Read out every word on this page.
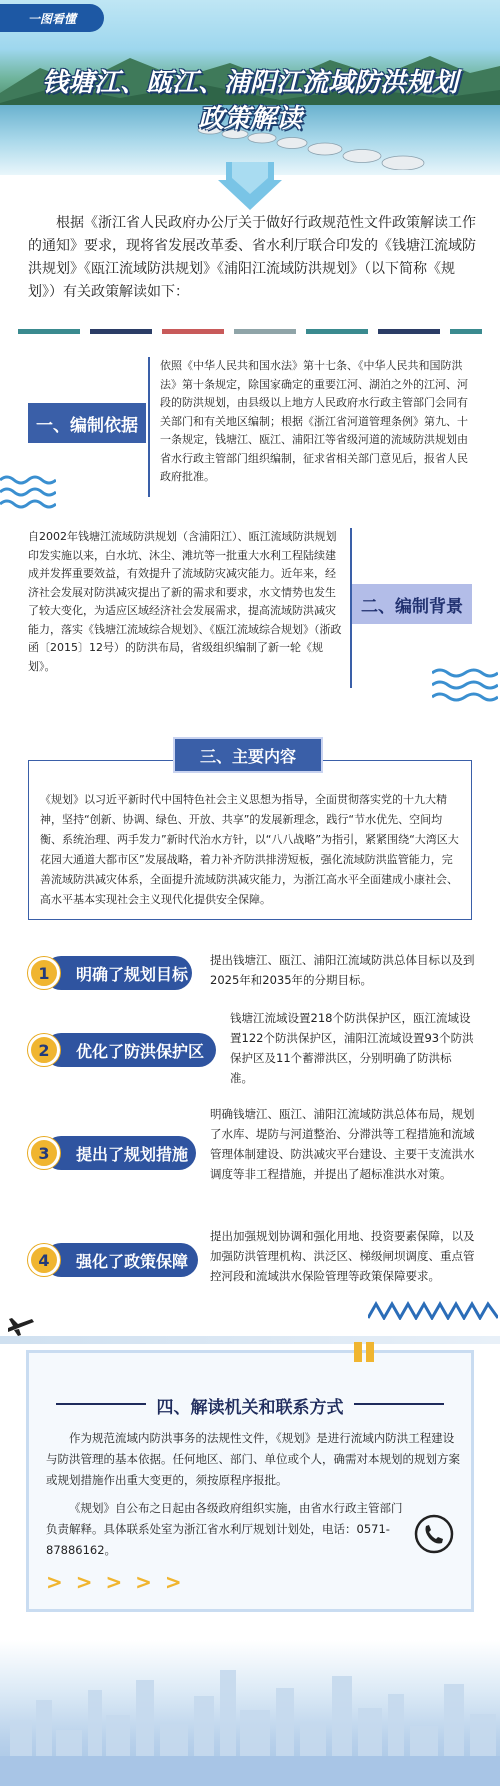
一图看懂
钱塘江、瓯江、浦阳江流域防洪规划
政策解读
根据《浙江省人民政府办公厅关于做好行政规范性文件政策解读工作的通知》要求，现将省发展改革委、省水利厅联合印发的《钱塘江流域防洪规划》《瓯江流域防洪规划》《浦阳江流域防洪规划》（以下简称《规划》）有关政策解读如下：
一、编制依据
依照《中华人民共和国水法》第十七条、《中华人民共和国防洪法》第十条规定，除国家确定的重要江河、湖泊之外的江河、河段的防洪规划，由县级以上地方人民政府水行政主管部门会同有关部门和有关地区编制；根据《浙江省河道管理条例》第九、十一条规定，钱塘江、瓯江、浦阳江等省级河道的流域防洪规划由省水行政主管部门组织编制，征求省相关部门意见后，报省人民政府批准。
自2002年钱塘江流域防洪规划（含浦阳江）、瓯江流域防洪规划印发实施以来，白水坑、沐尘、滩坑等一批重大水利工程陆续建成并发挥重要效益，有效提升了流域防灾减灾能力。近年来，经济社会发展对防洪减灾提出了新的需求和要求，水文情势也发生了较大变化，为适应区域经济社会发展需求，提高流域防洪减灾能力，落实《钱塘江流域综合规划》、《瓯江流域综合规划》（浙政函〔2015〕12号）的防洪布局，省级组织编制了新一轮《规划》。
二、编制背景
三、主要内容
《规划》以习近平新时代中国特色社会主义思想为指导，全面贯彻落实党的十九大精神，坚持“创新、协调、绿色、开放、共享”的发展新理念，践行“节水优先、空间均衡、系统治理、两手发力”新时代治水方针，以“八八战略”为指引，紧紧围绕“大湾区大花园大通道大都市区”发展战略，着力补齐防洪排涝短板，强化流域防洪监管能力，完善流域防洪减灾体系，全面提升流域防洪减灾能力，为浙江高水平全面建成小康社会、高水平基本实现社会主义现代化提供安全保障。
明确了规划目标
1
提出钱塘江、瓯江、浦阳江流域防洪总体目标以及到2025年和2035年的分期目标。
优化了防洪保护区
2
钱塘江流域设置218个防洪保护区，瓯江流域设置122个防洪保护区，浦阳江流域设置93个防洪保护区及11个蓄滞洪区，分别明确了防洪标准。
提出了规划措施
3
明确钱塘江、瓯江、浦阳江流域防洪总体布局，规划了水库、堤防与河道整治、分滞洪等工程措施和流域管理体制建设、防洪减灾平台建设、主要干支流洪水调度等非工程措施，并提出了超标准洪水对策。
强化了政策保障
4
提出加强规划协调和强化用地、投资要素保障，以及加强防洪管理机构、洪泛区、梯级闸坝调度、重点管控河段和流域洪水保险管理等政策保障要求。
四、解读机关和联系方式
作为规范流域内防洪事务的法规性文件，《规划》是进行流域内防洪工程建设与防洪管理的基本依据。任何地区、部门、单位或个人，确需对本规划的规划方案或规划措施作出重大变更的，须按原程序报批。
《规划》自公布之日起由各级政府组织实施，由省水行政主管部门负责解释。具体联系处室为浙江省水利厅规划计划处，电话：0571-87886162。
> > > > >
